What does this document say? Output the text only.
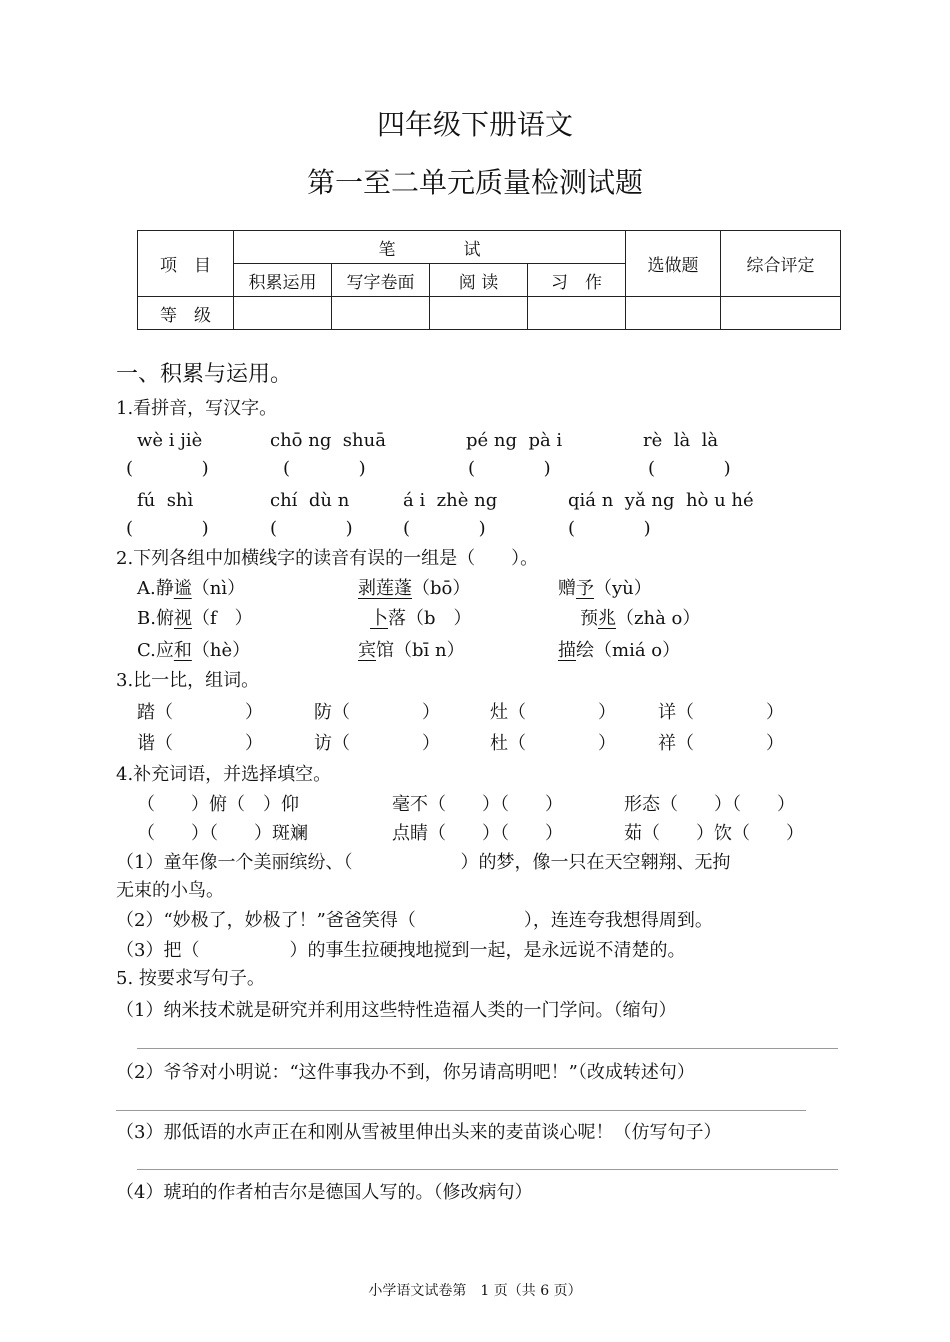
四年级下册语文
第一至二单元质量检测试题
项　目	笔　　　　试				选做题	综合评定
	积累运用	写字卷面	阅 读	习　作		
等　级						
一、积累与运用。
1.看拼音，写汉字。
wè i jiè	chō ng  shuā	pé ng  pà i	rè  là  là
(            )	(            )	(            )	(            )
fú  shì	chí  dù n	á i  zhè ng	qiá n  yǎ ng  hò u hé
(            )	(            )	(            )	(            )
2.下列各组中加横线字的读音有误的一组是（　　）。
A.静谧（nì）	剥莲蓬（bō）	赠予（yù）
B.俯视（f　）	卜落（b　）	预兆（zhà o）
C.应和（hè）	宾馆（bī n）	描绘（miá o）
3.比一比，组词。
踏（　　　　）	防（　　　　）	灶（　　　　） 详（　　　　）
谐（　　　　）	访（　　　　）	杜（　　　　） 祥（　　　　）
4.补充词语，并选择填空。
（　　）俯（　）仰	毫不（　　）（　　）	形态（　　）（　　）
（　　）（　　）斑斓	点睛（　　）（　　）	茹（　　）饮（　　）
（1）童年像一个美丽缤纷、（　　　　　　）的梦，像一只在天空翱翔、无拘
无束的小鸟。
（2）“妙极了，妙极了！”爸爸笑得（　　　　　　），连连夸我想得周到。
（3）把（　　　　　）的事生拉硬拽地搅到一起，是永远说不清楚的。
5. 按要求写句子。
（1）纳米技术就是研究并利用这些特性造福人类的一门学问。（缩句）
（2）爷爷对小明说：“这件事我办不到，你另请高明吧！”（改成转述句）
（3）那低语的水声正在和刚从雪被里伸出头来的麦苗谈心呢！（仿写句子）
（4）琥珀的作者柏吉尔是德国人写的。（修改病句）
小学语文试卷第　1 页（共 6 页）
